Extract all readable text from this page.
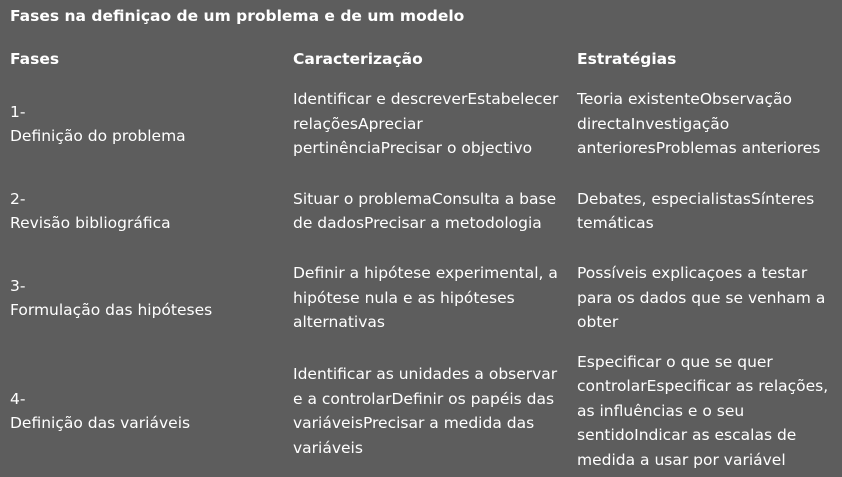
Fases na definiçao de um problema e de um modelo
Fases	Caracterização	Estratégias
1-
Definição do problema
Identificar e descreverEstabelecer relaçõesApreciar pertinênciaPrecisar o objectivo
Teoria existenteObservação directaInvestigação anterioresProblemas anteriores
2-
Revisão bibliográfica
Situar o problemaConsulta a base de dadosPrecisar a metodologia
Debates, especialistasSínteres temáticas
3-
Formulação das hipóteses
Definir a hipótese experimental, a hipótese nula e as hipóteses alternativas
Possíveis explicaçoes a testar para os dados que se venham a obter
4-
Definição das variáveis
Identificar as unidades a observar e a controlarDefinir os papéis das variáveisPrecisar a medida das variáveis
Especificar o que se quer controlarEspecificar as relações, as influências e o seu sentidoIndicar as escalas de medida a usar por variável
